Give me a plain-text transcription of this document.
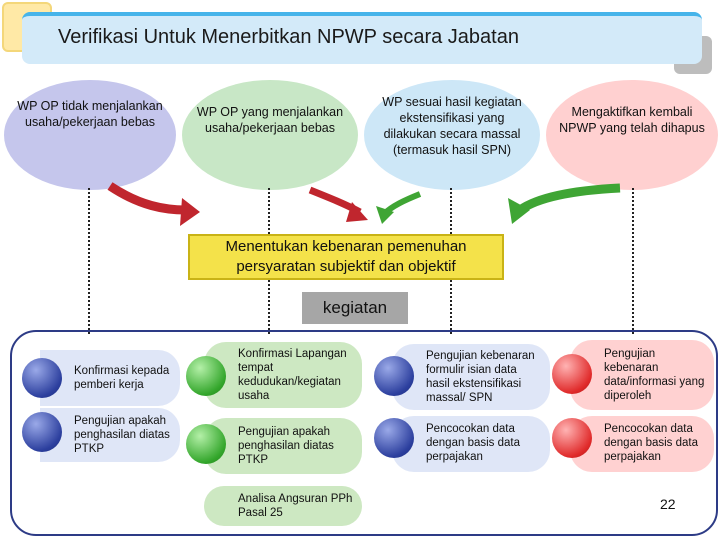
Verifikasi Untuk Menerbitkan NPWP secara Jabatan
WP OP tidak menjalankan usaha/pekerjaan bebas
WP OP yang menjalankan usaha/pekerjaan bebas
WP sesuai hasil kegiatan ekstensifikasi yang dilakukan secara massal (termasuk hasil SPN)
Mengaktifkan kembali NPWP yang telah dihapus
Menentukan kebenaran pemenuhan persyaratan subjektif dan objektif
kegiatan
Konfirmasi kepada pemberi kerja
Pengujian apakah penghasilan diatas PTKP
Konfirmasi Lapangan tempat kedudukan/kegiatan usaha
Pengujian apakah penghasilan diatas PTKP
Analisa Angsuran PPh Pasal 25
Pengujian kebenaran formulir isian data hasil ekstensifikasi massal/ SPN
Pencocokan data dengan basis data perpajakan
Pengujian kebenaran data/informasi yang diperoleh
Pencocokan data dengan basis data perpajakan
22
